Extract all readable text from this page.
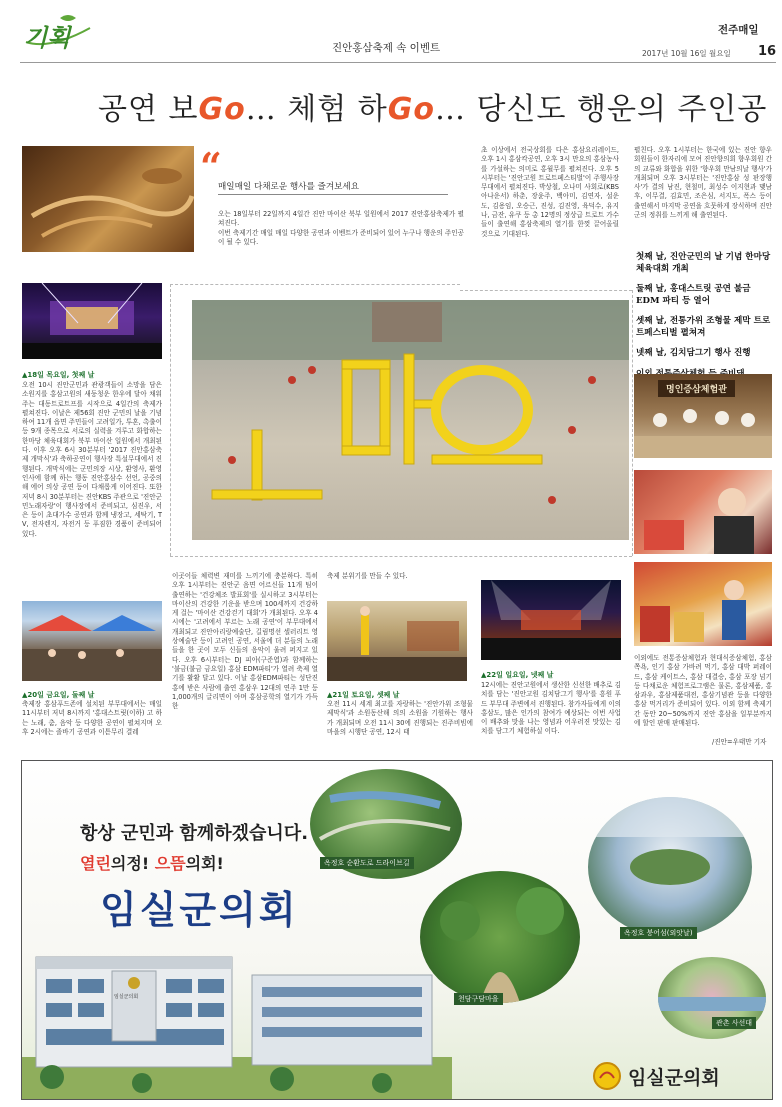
기획	진안홍삼축제 속 이벤트
전주매일
2017년 10월 16일 월요일 16
공연 보Go… 체험 하Go… 당신도 행운의 주인공
“
매일매일 다채로운 행사를 즐겨보세요
오는 18일부터 22일까지 4일간 진안 마이산 북부 일원에서 2017 진안홍삼축제가 펼쳐진다.
이번 축제기간 매일 매일 다양한 공연과 이벤트가 준비되어 있어 누구나 행운의 주인공이 될 수 있다.
초 이상에서 전국상회를 다은 홍삼요리레이드, 오후 1시 홍삼칵공연, 오후 3시 만요의 홍삼농사를 가설하는 의미로 홍월무를 펼쳐진다. 오후 5시부터는 '진안고원 트로트페스티벌'이 주행사장 무대에서 펼쳐진다. 박상철, 오나미 사회로(KBS 아나운서) 하춘, 장윤주, 백아미, 김연자, 설운도, 김용임, 오승근, 진성, 김진영, 육덕수, 유지나, 금잔, 유쿠 등 총 12명의 정상급 트로트 가수들이 출연해 홍삼축제의 열기를 한껏 끌어올릴 것으로 기대된다.
펼친다. 오후 1시부터는 한국에 있는 진안 향우회원들이 한자리에 모여 진안향의회 향우회원 간의 교류와 화합을 위한 '향우회 만남의날 행사'가 개최되며 오후 3시부터는 '진안홍삼 성 판장행사'가 결의 남진, 현철미, 최성수 이지현과 맺남후, 이무결, 김효민, 조은심, 서지도, 폭스 등이 출연해서 마지막 공연을 흐뭇하게 장식하며 진안군의 정취를 느끼게 해 출연된다.
첫째 날, 진안군민의 날 기념 한마당 체육대회 개최
둘째 날, 홍대스트릿 공연 불금 EDM 파티 등 열어
셋째 날, 전통가위 조형물 제막 트로트페스티벌 펼쳐져
넷째 날, 김치담그기 행사 진행
▲18일 목요일, 첫째 날
오전 10시 진안군민과 관광객들이 소망을 담은 소원지를 홍삼고원의 새둥청운 한우에 달아 채워주는 대동트로트프를 시작으로 4일간의 축제가 펼쳐진다. 이날은 제56회 진안 군민의 날을 기념하여 11개 읍면 주민들이 고려일가, 투혼, 촉출이 등 9개 종목으로 서로의 실력을 겨루고 화합하는 한마당 체육대회가 북부 마이산 일원에서 개최된다. 이후 오후 6시 30분부터 '2017 진안홍삼축제 개막식'과 축하공연이 행사장 특설무대에서 진행된다. 개막식에는 군민의장 시상, 환영사, 환영인사에 함께 하는 행동 진안홍삼수 선언, 공중의 해 에어 의상 공연 등이 다채롭게 이어진다. 또한 저녁 8시 30분부터는 진안KBS 주관으로 '진안군민노래자랑'이 행사장에서 준비되고, 심진우, 서은 등이 초대가수 공연과 함께 냉장고, 세탁기, TV, 전자렌지, 자전거 등 푸짐한 경품이 준비되어 있다.
명인증삼체험관
이외에도 전통증삼체험과 현대식증삼체험, 홍삼 쪽욕, 인기 홍삼 가바려 먹기, 홍삼 대박 퍼레이드, 홍삼 케이트스, 홍삼 대결승, 홍삼 포장 넘기 등 다채로운 체험프로그램은 물론, 홍삼제품, 홍삼과우, 홍삼제품대전, 홍삼기념관 등을 다양한 홍삼 먹거리가 준비되어 있다. 이외 함께 축제기간 동안 20~50%까지 진안 홍삼을 일부분까지에 할인 판매 판매된다.
/진안=우태만 기자
이곳이들 체력변 재미를 느끼기에 충분하다. 특히 오후 1시부터는 진안군 음면 어르신들 11개 팀이 출연하는 '건강체조 발표회'를 실시하고 3시부터는 마이산의 건강한 기운을 받으며 100세까지 건강하게 걸는 '마이산 건강걷기 대회'가 개최된다. 오후 4시에는 '고려에서 부르는 노래 공연'이 부무대에서 개최되고 진안아리랑예술단, 길림명선 셀러리트 영상예술단 등이 고려인 공연, 서울에 더 분들의 노래들을 한 곳이 모두 신들의 음악이 울려 퍼지고 있다. 오후 6시부터는 DJ 피아(구준엽)과 함께하는 '불금(불금 금요일) 홍삼 EDM파티'가 열려 축제 열기를 활활 달고 있다. 이날 홍삼EDM파티는 성단진홍에 받은 사람에 출연 홍삼우 12대의 연주 1만 등 1,000개의 글리면이 아며 홍삼공학의 열기가 가득한
축제 분위기를 만들 수 있다.
▲20일 금요일, 둘째 날
축제장 홍삼푸드존에 설치된 부무대에서는 매일 11시부터 저녁 8시까지 '홍대스트릿(이하) 고 하는 노래, 춤, 음악 등 다양한 공연이 펼쳐지며 오후 2시에는 졸바기 공연과 이튿무리 결레
▲21일 토요일, 셋째 날
오전 11시 세계 최고를 자랑하는 '진안가위 조형물 제막식'과 소원동산해 의의 소원을 기원하는 행사가 개최되며 오전 11시 30에 진행되는 진주비빔에 마을의 시행단 공연, 12시 태
▲22일 일요일, 넷째 날
12시에는 진안고원에서 생산한 신선한 배추로 김치를 담는 '진안고원 김치담그기 행사'를 흥원 푸드 부무대 주변에서 진행된다. 참가자들에게 이의 홍삼도, 많은 인가의 참여가 예상되는 이번 사업이 배추와 맛을 나는 영념과 어우러진 맛있는 김치를 담그기 체험하실 이다.
항상 군민과 함께하겠습니다.
열린의정! 으뜸의회!
임실군의회
임실군의회
옥정호 순환도로 드라이브길
옥정호 붕어섬(외앗날)
천담구담마을
관촌 사선대
임실군의회
